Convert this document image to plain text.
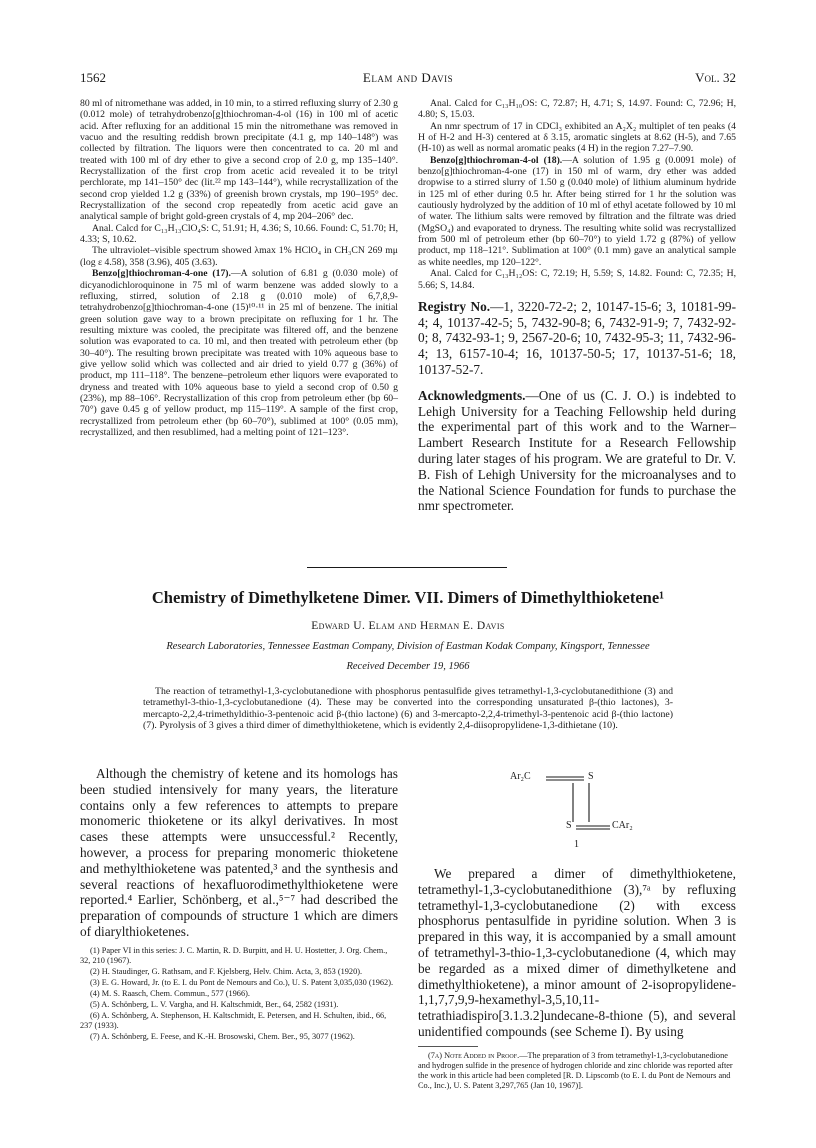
1562	Elam and Davis	Vol. 32

80 ml of nitromethane was added, in 10 min, to a stirred refluxing slurry of 2.30 g (0.012 mole) of tetrahydrobenzo[g]thiochroman-4-ol (16) in 100 ml of acetic acid. After refluxing for an additional 15 min the nitromethane was removed in vacuo and the resulting reddish brown precipitate (4.1 g, mp 140–148°) was collected by filtration. The liquors were then concentrated to ca. 20 ml and treated with 100 ml of dry ether to give a second crop of 2.0 g, mp 135–140°. Recrystallization of the first crop from acetic acid revealed it to be trityl perchlorate, mp 141–150° dec (lit.²² mp 143–144°), while recrystallization of the second crop yielded 1.2 g (33%) of greenish brown crystals, mp 190–195° dec. Recrystallization of the second crop repeatedly from acetic acid gave an analytical sample of bright gold-green crystals of 4, mp 204–206° dec.

Anal. Calcd for C₁₃H₁₃ClO₄S: C, 51.91; H, 4.36; S, 10.66. Found: C, 51.70; H, 4.33; S, 10.62.

The ultraviolet–visible spectrum showed λmax 1% HClO₄ in CH₃CN 269 mμ (log ε 4.58), 358 (3.96), 405 (3.63).

Benzo[g]thiochroman-4-one (17).—A solution of 6.81 g (0.030 mole) of dicyanodichloroquinone in 75 ml of warm benzene was added slowly to a refluxing, stirred, solution of 2.18 g (0.010 mole) of 6,7,8,9-tetrahydrobenzo[g]thiochroman-4-one (15)¹⁰·¹¹ in 25 ml of benzene. The initial green solution gave way to a brown precipitate on refluxing for 1 hr. The resulting mixture was cooled, the precipitate was filtered off, and the benzene solution was evaporated to ca. 10 ml, and then treated with petroleum ether (bp 30–40°). The resulting brown precipitate was treated with 10% aqueous base to give yellow solid which was collected and air dried to yield 0.77 g (36%) of product, mp 111–118°. The benzene–petroleum ether liquors were evaporated to dryness and treated with 10% aqueous base to yield a second crop of 0.50 g (23%), mp 88–106°. Recrystallization of this crop from petroleum ether (bp 60–70°) gave 0.45 g of yellow product, mp 115–119°. A sample of the first crop, recrystallized from petroleum ether (bp 60–70°), sublimed at 100° (0.05 mm), recrystallized, and then resublimed, had a melting point of 121–123°.

Anal. Calcd for C₁₃H₁₀OS: C, 72.87; H, 4.71; S, 14.97. Found: C, 72.96; H, 4.80; S, 15.03.

An nmr spectrum of 17 in CDCl₃ exhibited an A₂X₂ multiplet of ten peaks (4 H of H-2 and H-3) centered at δ 3.15, aromatic singlets at 8.62 (H-5), and 7.65 (H-10) as well as normal aromatic peaks (4 H) in the region 7.27–7.90.

Benzo[g]thiochroman-4-ol (18).—A solution of 1.95 g (0.0091 mole) of benzo[g]thiochroman-4-one (17) in 150 ml of warm, dry ether was added dropwise to a stirred slurry of 1.50 g (0.040 mole) of lithium aluminum hydride in 125 ml of ether during 0.5 hr. After being stirred for 1 hr the solution was cautiously hydrolyzed by the addition of 10 ml of ethyl acetate followed by 10 ml of water. The lithium salts were removed by filtration and the filtrate was dried (MgSO₄) and evaporated to dryness. The resulting white solid was recrystallized from 500 ml of petroleum ether (bp 60–70°) to yield 1.72 g (87%) of yellow product, mp 118–121°. Sublimation at 100° (0.1 mm) gave an analytical sample as white needles, mp 120–122°.

Anal. Calcd for C₁₃H₁₂OS: C, 72.19; H, 5.59; S, 14.82. Found: C, 72.35; H, 5.66; S, 14.84.

Registry No.—1, 3220-72-2; 2, 10147-15-6; 3, 10181-99-4; 4, 10137-42-5; 5, 7432-90-8; 6, 7432-91-9; 7, 7432-92-0; 8, 7432-93-1; 9, 2567-20-6; 10, 7432-95-3; 11, 7432-96-4; 13, 6157-10-4; 16, 10137-50-5; 17, 10137-51-6; 18, 10137-52-7.

Acknowledgments.—One of us (C. J. O.) is indebted to Lehigh University for a Teaching Fellowship held during the experimental part of this work and to the Warner–Lambert Research Institute for a Research Fellowship during later stages of his program. We are grateful to Dr. V. B. Fish of Lehigh University for the microanalyses and to the National Science Foundation for funds to purchase the nmr spectrometer.

Chemistry of Dimethylketene Dimer. VII. Dimers of Dimethylthioketene¹
Edward U. Elam and Herman E. Davis
Research Laboratories, Tennessee Eastman Company, Division of Eastman Kodak Company, Kingsport, Tennessee
Received December 19, 1966
The reaction of tetramethyl-1,3-cyclobutanedione with phosphorus pentasulfide gives tetramethyl-1,3-cyclobutanedithione (3) and tetramethyl-3-thio-1,3-cyclobutanedione (4). These may be converted into the corresponding unsaturated β-(thio lactones), 3-mercapto-2,2,4-trimethyldithio-3-pentenoic acid β-(thio lactone) (6) and 3-mercapto-2,2,4-trimethyl-3-pentenoic acid β-(thio lactone) (7). Pyrolysis of 3 gives a third dimer of dimethylthioketene, which is evidently 2,4-diisopropylidene-1,3-dithietane (10).

Although the chemistry of ketene and its homologs has been studied intensively for many years, the literature contains only a few references to attempts to prepare monomeric thioketene or its alkyl derivatives. In most cases these attempts were unsuccessful.² Recently, however, a process for preparing monomeric thioketene and methylthioketene was patented,³ and the synthesis and several reactions of hexafluorodimethylthioketene were reported.⁴ Earlier, Schönberg, et al.,⁵⁻⁷ had described the preparation of compounds of structure 1 which are dimers of diarylthioketenes.

(1) Paper VI in this series: J. C. Martin, R. D. Burpitt, and H. U. Hostetter, J. Org. Chem., 32, 210 (1967).

(2) H. Staudinger, G. Rathsam, and F. Kjelsberg, Helv. Chim. Acta, 3, 853 (1920).

(3) E. G. Howard, Jr. (to E. I. du Pont de Nemours and Co.), U. S. Patent 3,035,030 (1962).

(4) M. S. Raasch, Chem. Commun., 577 (1966).

(5) A. Schönberg, L. V. Vargha, and H. Kaltschmidt, Ber., 64, 2582 (1931).

(6) A. Schönberg, A. Stephenson, H. Kaltschmidt, E. Petersen, and H. Schulten, ibid., 66, 237 (1933).

(7) A. Schönberg, E. Feese, and K.-H. Brosowski, Chem. Ber., 95, 3077 (1962).

Ar₂C	S
S	CAr₂
1

We prepared a dimer of dimethylthioketene, tetramethyl-1,3-cyclobutanedithione (3),⁷ᵃ by refluxing tetramethyl-1,3-cyclobutanedione (2) with excess phosphorus pentasulfide in pyridine solution. When 3 is prepared in this way, it is accompanied by a small amount of tetramethyl-3-thio-1,3-cyclobutanedione (4, which may be regarded as a mixed dimer of dimethylketene and dimethylthioketene), a minor amount of 2-isopropylidene-1,1,7,7,9,9-hexamethyl-3,5,10,11-tetrathiadispiro[3.1.3.2]undecane-8-thione (5), and several unidentified compounds (see Scheme I). By using

(7a) Note Added in Proof.—The preparation of 3 from tetramethyl-1,3-cyclobutanedione and hydrogen sulfide in the presence of hydrogen chloride and zinc chloride was reported after the work in this article had been completed [R. D. Lipscomb (to E. I. du Pont de Nemours and Co., Inc.), U. S. Patent 3,297,765 (Jan 10, 1967)].
